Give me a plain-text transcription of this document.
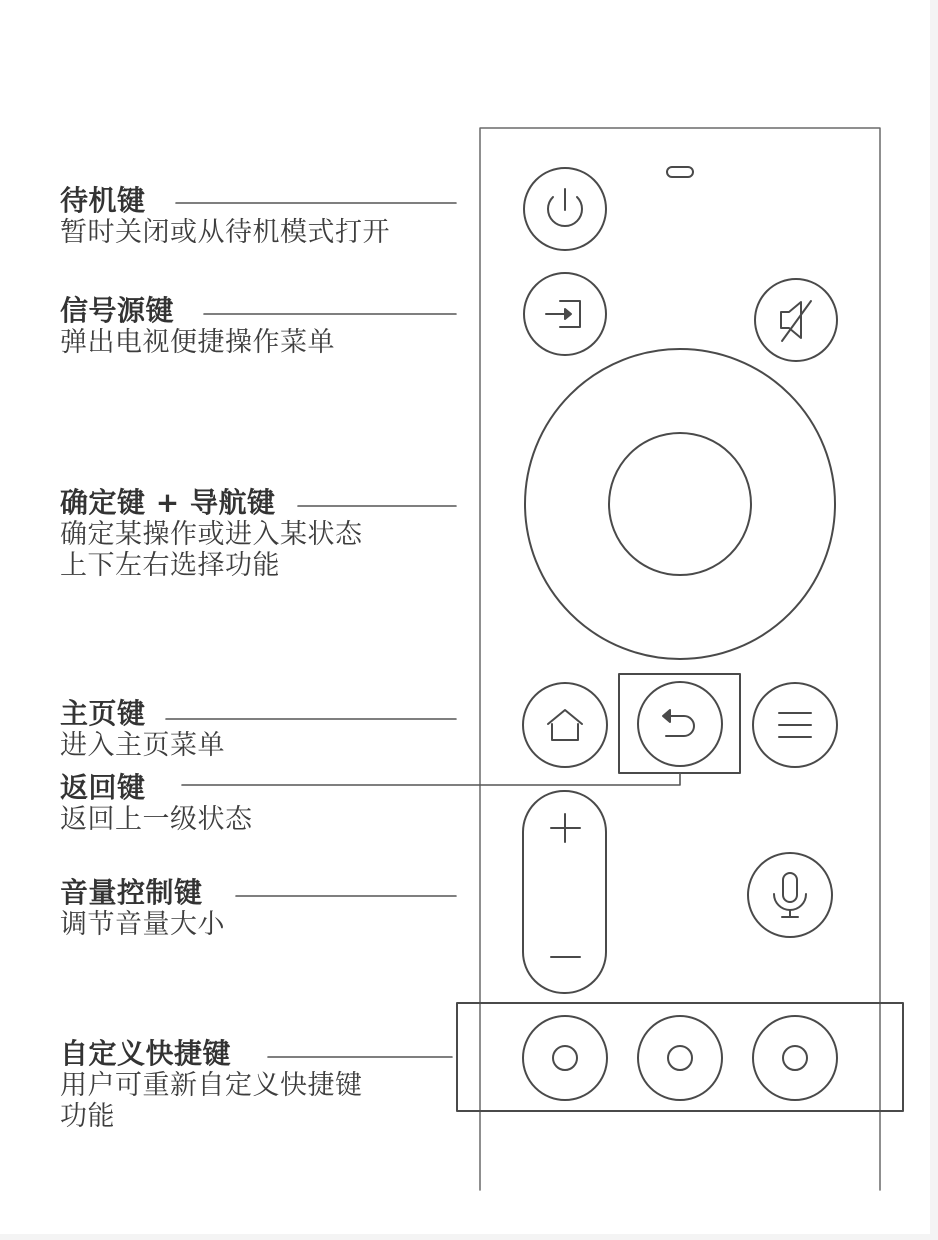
待机键
暂时关闭或从待机模式打开
信号源键
弹出电视便捷操作菜单
确定键 + 导航键
确定某操作或进入某状态
上下左右选择功能
主页键
进入主页菜单
返回键
返回上一级状态
音量控制键
调节音量大小
自定义快捷键
用户可重新自定义快捷键
功能
